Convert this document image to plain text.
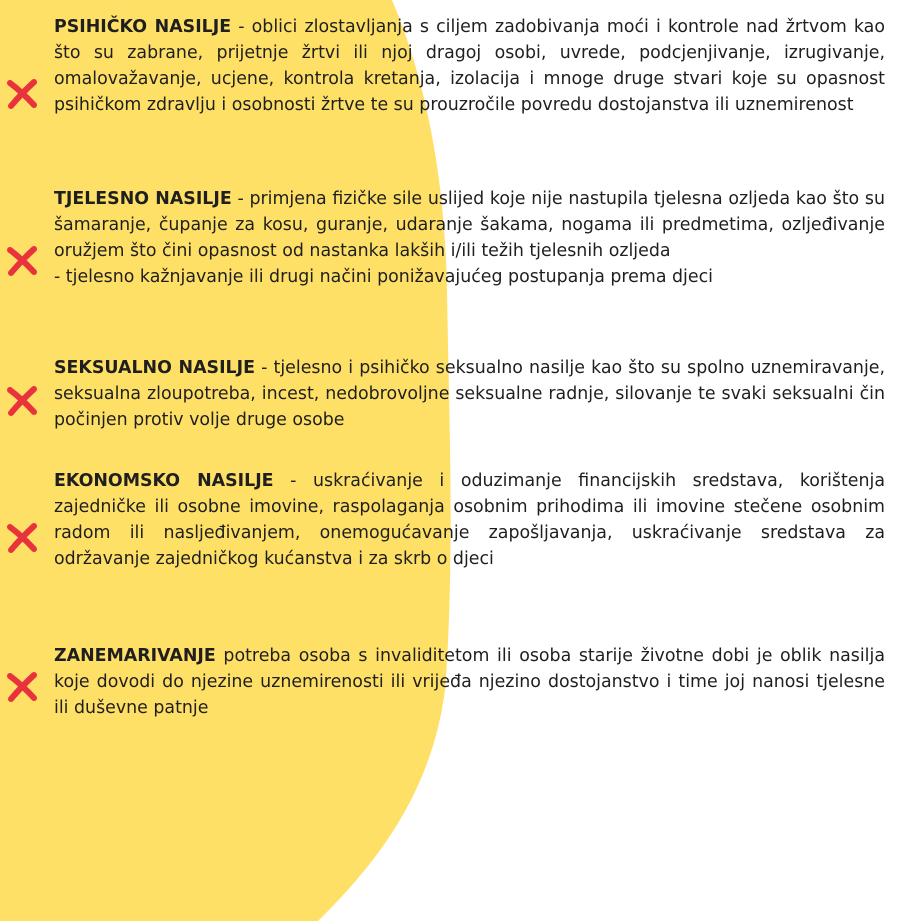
PSIHIČKO NASILJE - oblici zlostavljanja s ciljem zadobivanja moći i kontrole nad žrtvom kao što su zabrane, prijetnje žrtvi ili njoj dragoj osobi, uvrede, podcjenjivanje, izrugivanje, omalovažavanje, ucjene, kontrola kretanja, izolacija i mnoge druge stvari koje su opasnost psihičkom zdravlju i osobnosti žrtve te su prouzročile povredu dostojanstva ili uznemirenost

TJELESNO NASILJE - primjena fizičke sile uslijed koje nije nastupila tjelesna ozljeda kao što su šamaranje, čupanje za kosu, guranje, udaranje šakama, nogama ili predmetima, ozljeđivanje oružjem što čini opasnost od nastanka lakših i/ili težih tjelesnih ozljeda
- tjelesno kažnjavanje ili drugi načini ponižavajućeg postupanja prema djeci

SEKSUALNO NASILJE - tjelesno i psihičko seksualno nasilje kao što su spolno uznemiravanje, seksualna zloupotreba, incest, nedobrovoljne seksualne radnje, silovanje te svaki seksualni čin počinjen protiv volje druge osobe

EKONOMSKO NASILJE - uskraćivanje i oduzimanje financijskih sredstava, korištenja zajedničke ili osobne imovine, raspolaganja osobnim prihodima ili imovine stečene osobnim radom ili nasljeđivanjem, onemogućavanje zapošljavanja, uskraćivanje sredstava za održavanje zajedničkog kućanstva i za skrb o djeci

ZANEMARIVANJE potreba osoba s invaliditetom ili osoba starije životne dobi je oblik nasilja koje dovodi do njezine uznemirenosti ili vrijeđa njezino dostojanstvo i time joj nanosi tjelesne ili duševne patnje
